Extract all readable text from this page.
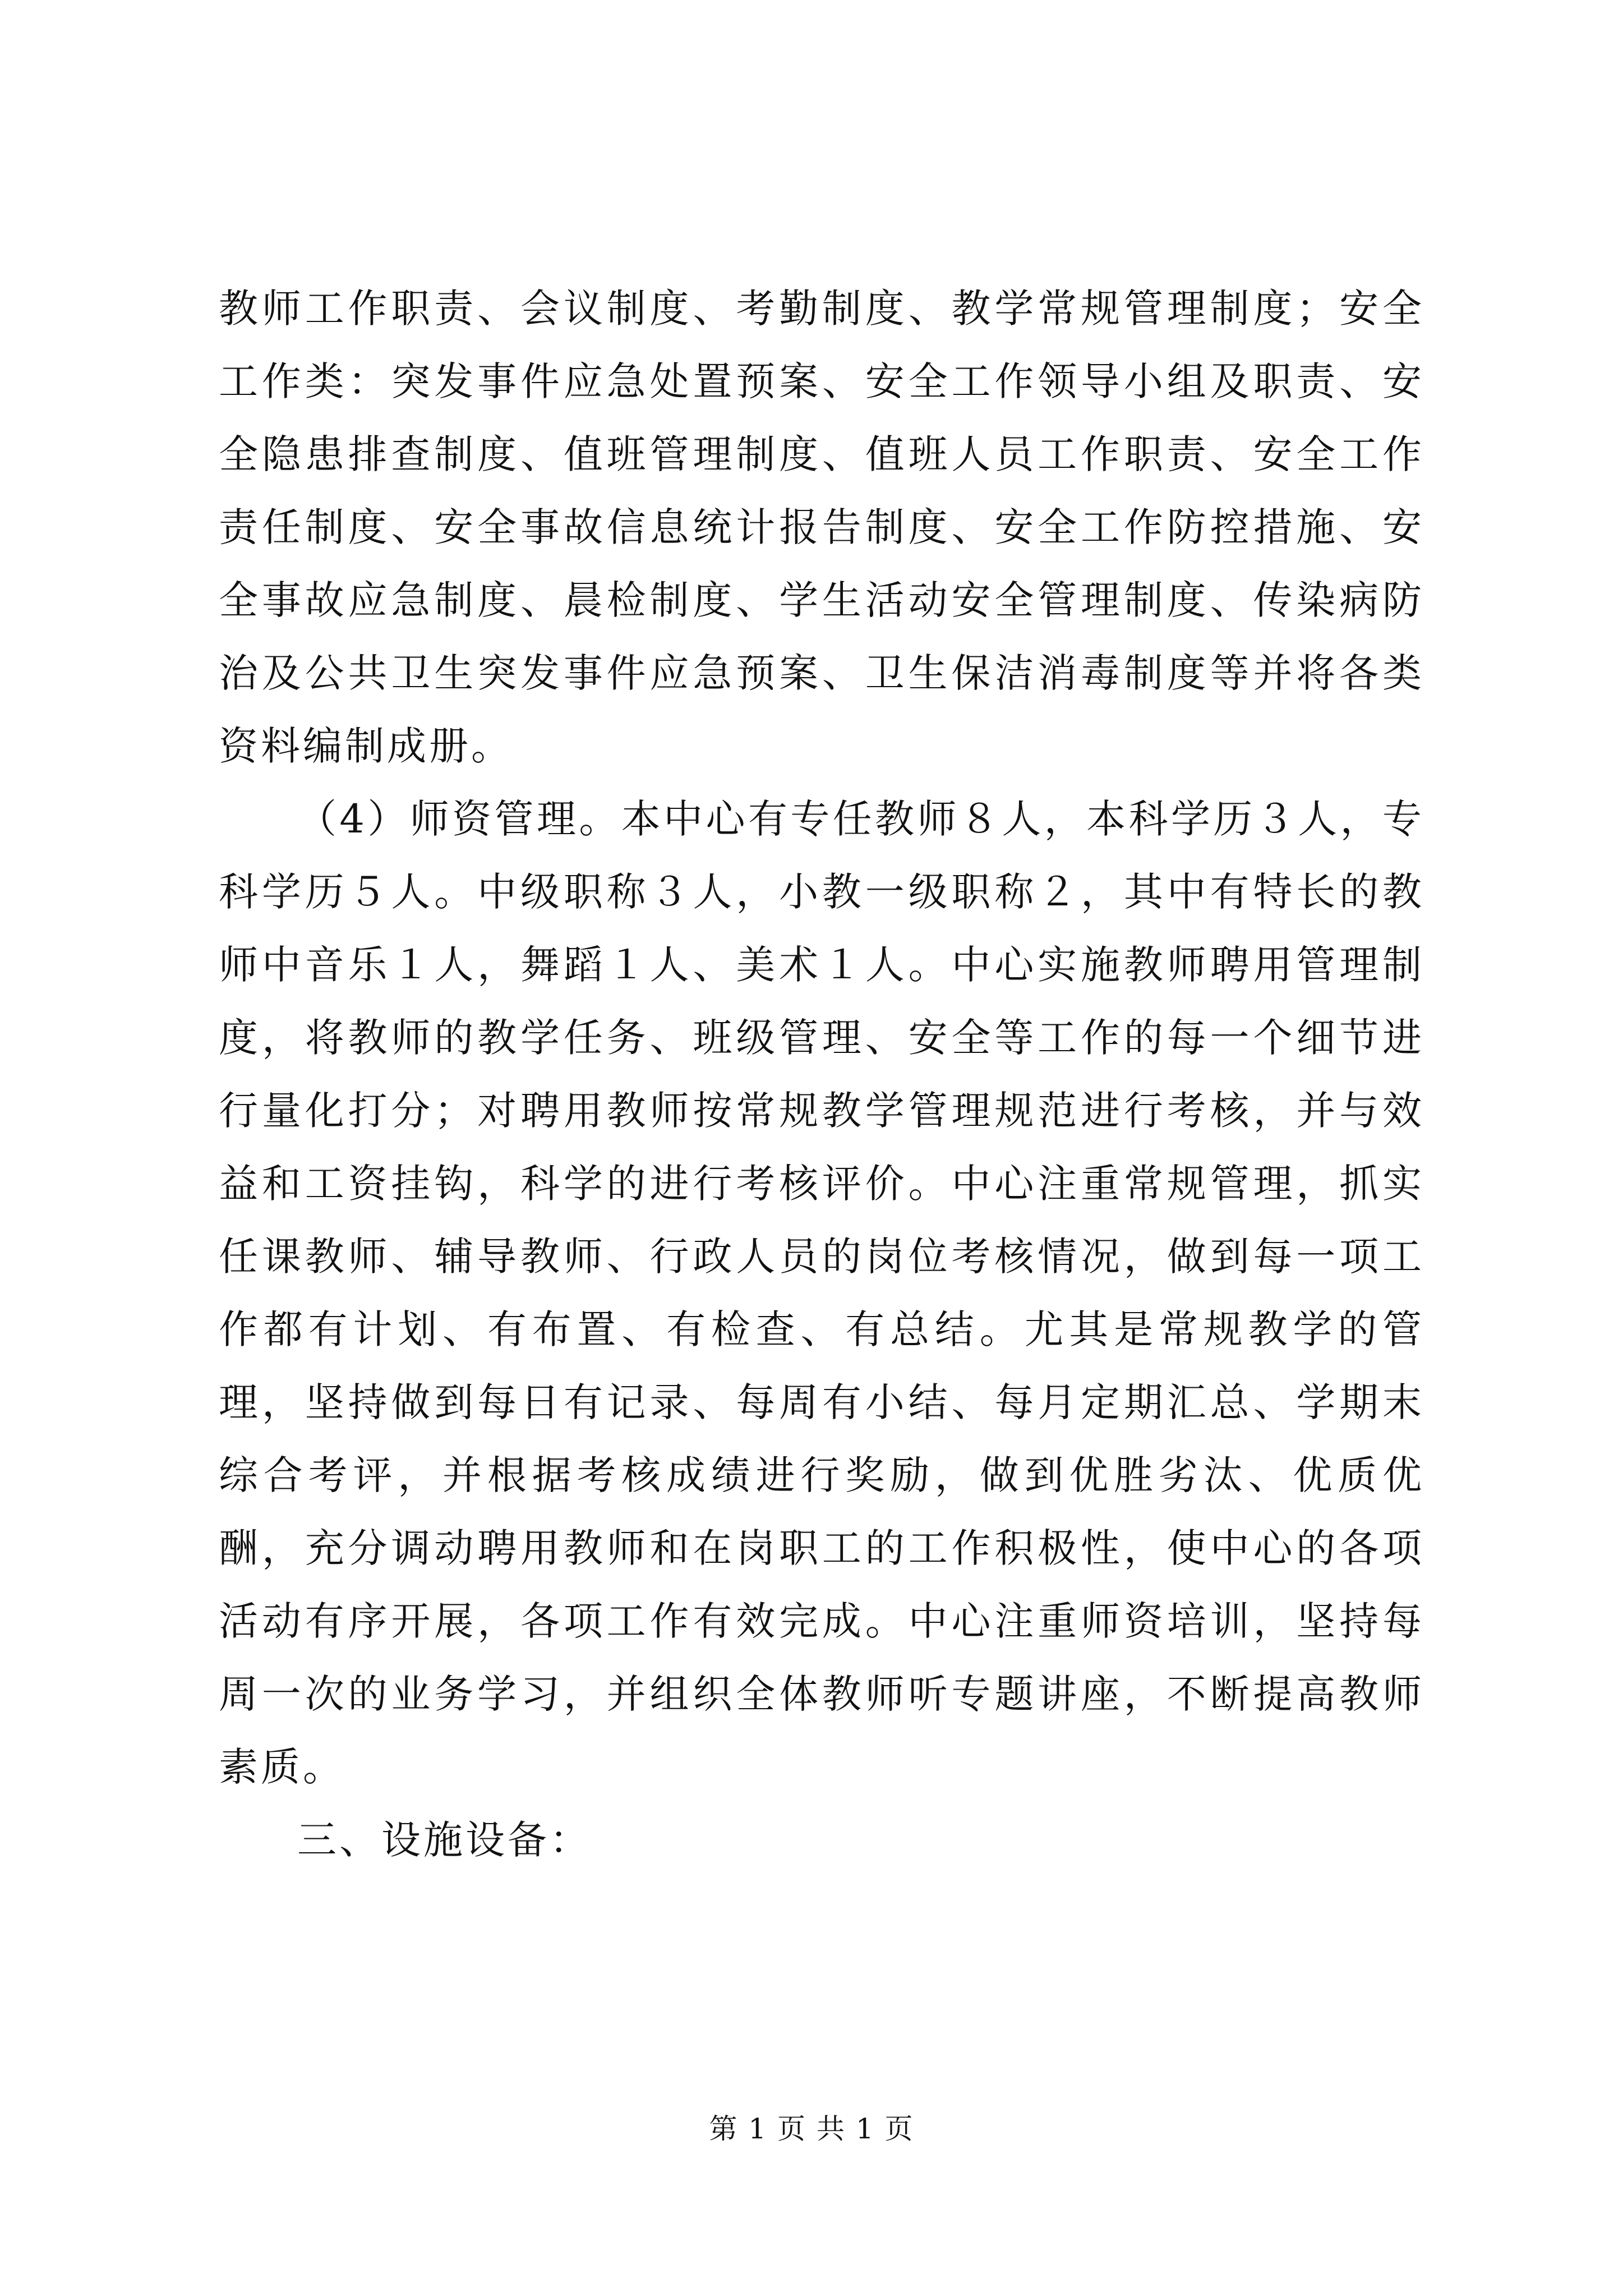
教师工作职责、会议制度、考勤制度、教学常规管理制度；安全工作类：突发事件应急处置预案、安全工作领导小组及职责、安全隐患排查制度、值班管理制度、值班人员工作职责、安全工作责任制度、安全事故信息统计报告制度、安全工作防控措施、安全事故应急制度、晨检制度、学生活动安全管理制度、传染病防治及公共卫生突发事件应急预案、卫生保洁消毒制度等并将各类资料编制成册。

（4）师资管理。本中心有专任教师８人，本科学历３人，专科学历５人。中级职称３人，小教一级职称２，其中有特长的教师中音乐１人，舞蹈１人、美术１人。中心实施教师聘用管理制度，将教师的教学任务、班级管理、安全等工作的每一个细节进行量化打分；对聘用教师按常规教学管理规范进行考核，并与效益和工资挂钩，科学的进行考核评价。中心注重常规管理，抓实任课教师、辅导教师、行政人员的岗位考核情况，做到每一项工作都有计划、有布置、有检查、有总结。尤其是常规教学的管理，坚持做到每日有记录、每周有小结、每月定期汇总、学期末综合考评，并根据考核成绩进行奖励，做到优胜劣汰、优质优酬，充分调动聘用教师和在岗职工的工作积极性，使中心的各项活动有序开展，各项工作有效完成。中心注重师资培训，坚持每周一次的业务学习，并组织全体教师听专题讲座，不断提高教师素质。

三、设施设备：

第 1 页 共 1 页
